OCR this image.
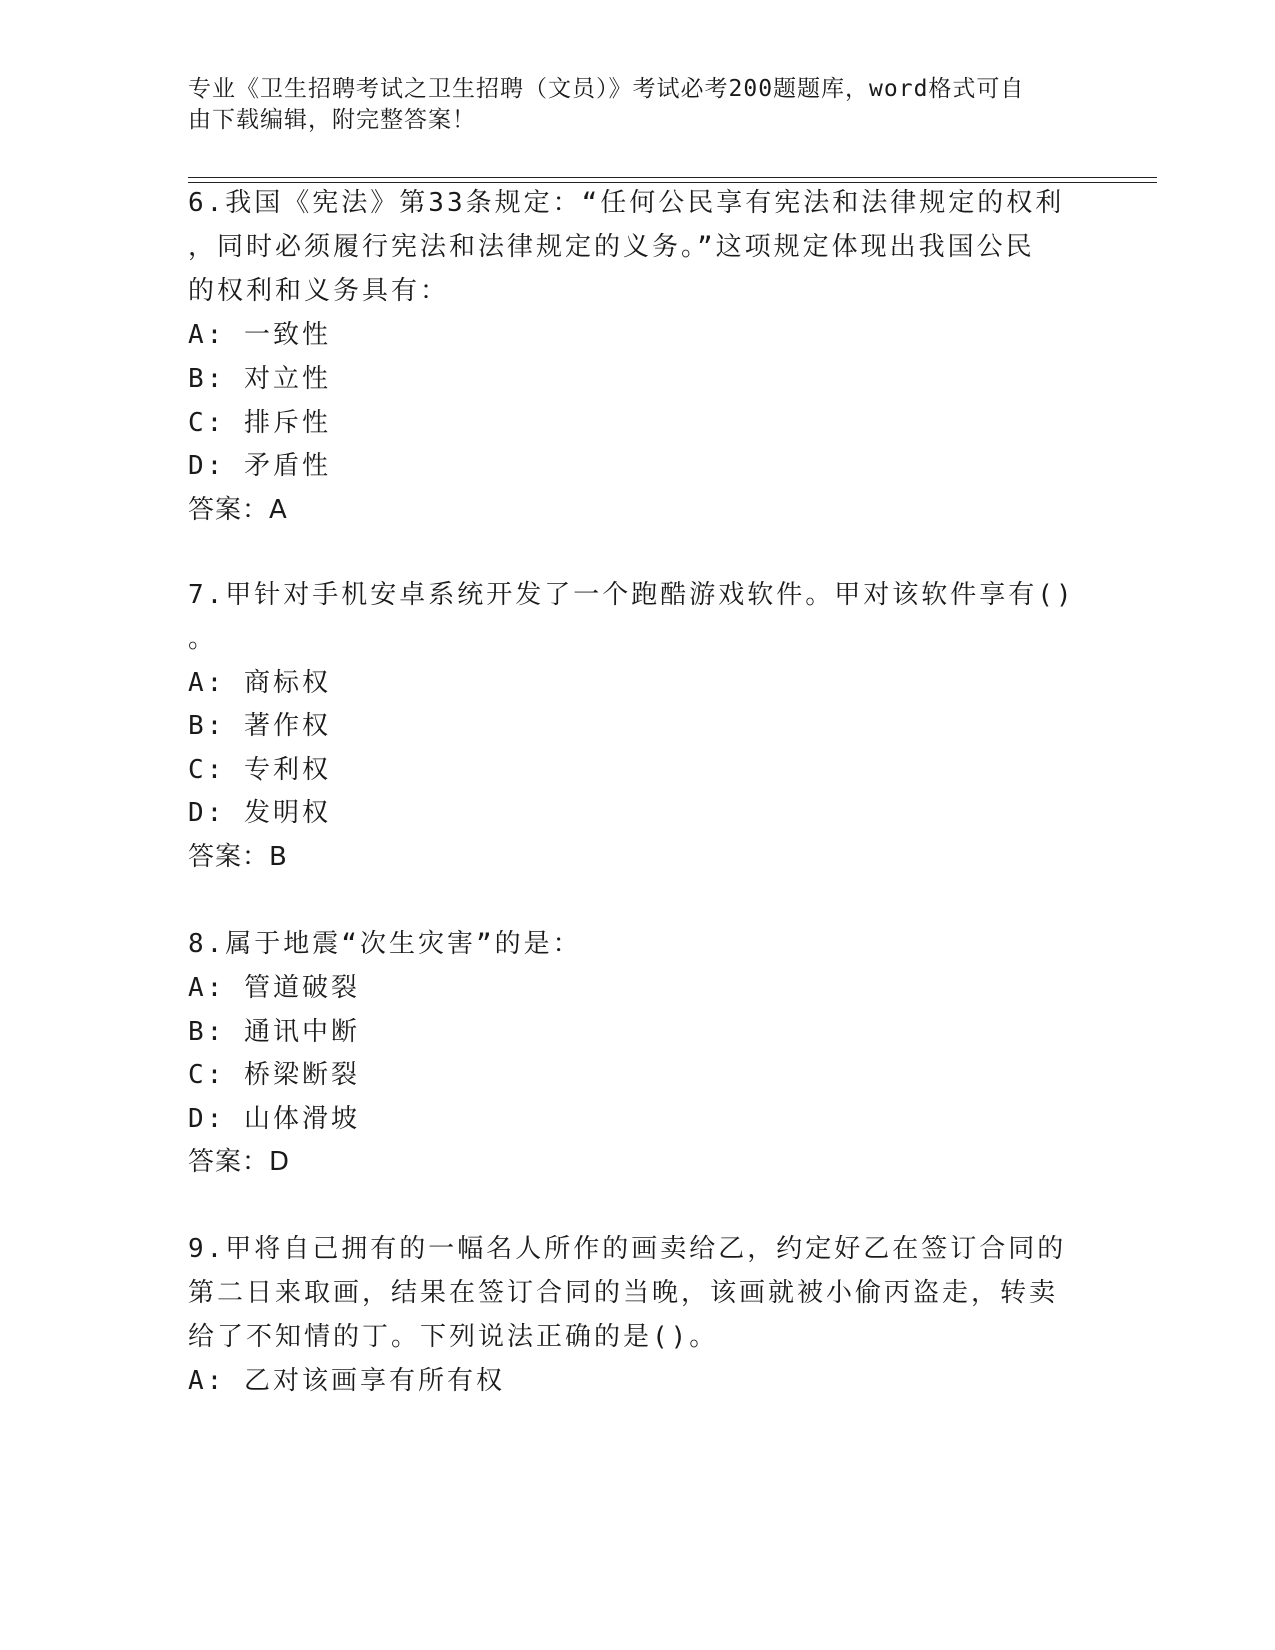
专业《卫生招聘考试之卫生招聘（文员）》考试必考200题题库，word格式可自
由下载编辑，附完整答案！
6.我国《宪法》第33条规定：“任何公民享有宪法和法律规定的权利
，同时必须履行宪法和法律规定的义务。”这项规定体现出我国公民
的权利和义务具有：
A: 一致性
B: 对立性
C: 排斥性
D: 矛盾性
答案：A
7.甲针对手机安卓系统开发了一个跑酷游戏软件。甲对该软件享有()
。
A: 商标权
B: 著作权
C: 专利权
D: 发明权
答案：B
8.属于地震“次生灾害”的是：
A: 管道破裂
B: 通讯中断
C: 桥梁断裂
D: 山体滑坡
答案：D
9.甲将自己拥有的一幅名人所作的画卖给乙，约定好乙在签订合同的
第二日来取画，结果在签订合同的当晚，该画就被小偷丙盗走，转卖
给了不知情的丁。下列说法正确的是()。
A: 乙对该画享有所有权
